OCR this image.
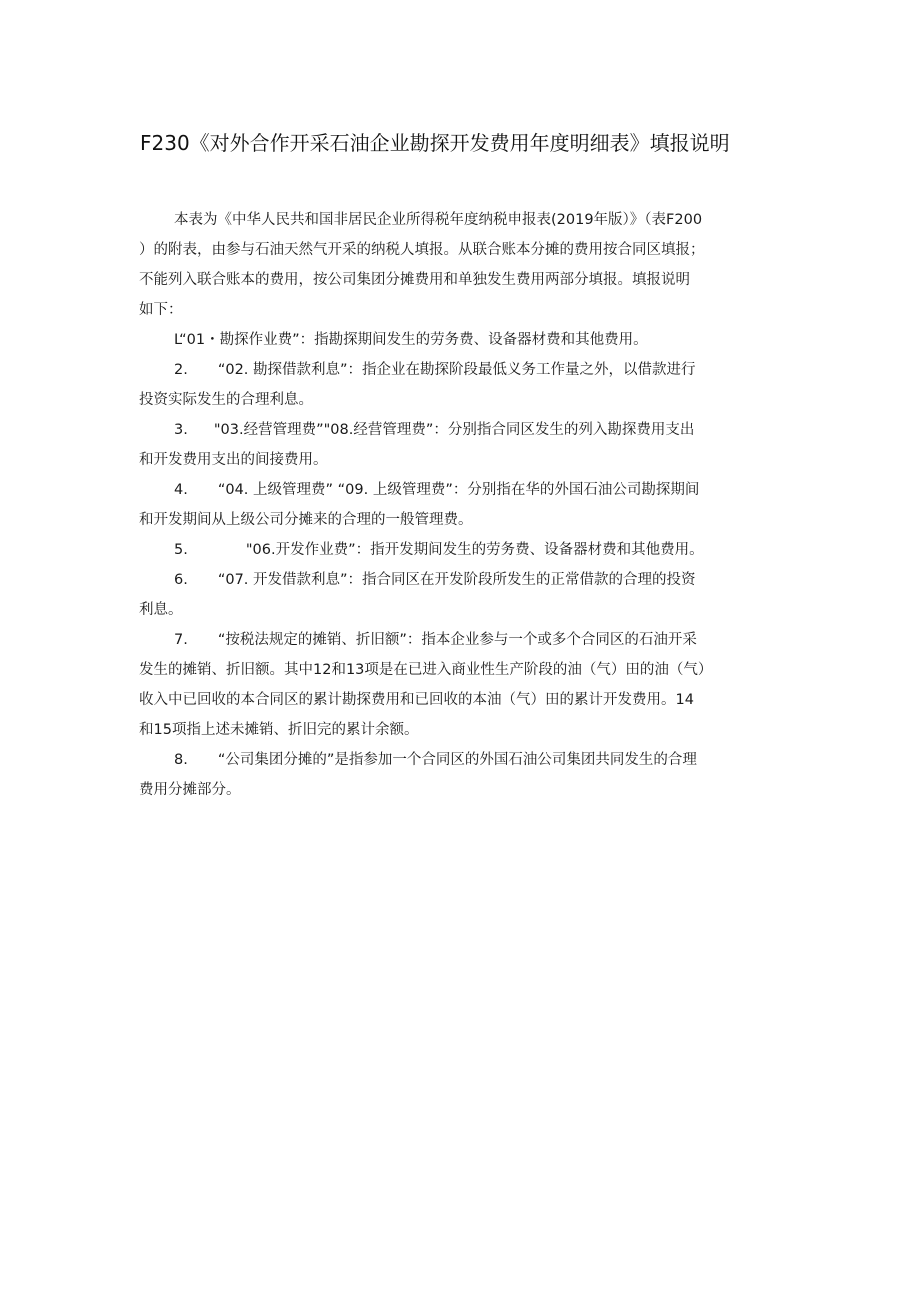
F230《对外合作开采石油企业勘探开发费用年度明细表》填报说明
本表为《中华人民共和国非居民企业所得税年度纳税申报表(2019年版）》（表F200
）的附表，由参与石油天然气开采的纳税人填报。从联合账本分摊的费用按合同区填报；
不能列入联合账本的费用，按公司集团分摊费用和单独发生费用两部分填报。填报说明
如下：
L“01・勘探作业费”：指勘探期间发生的劳务费、设备器材费和其他费用。
2. “02. 勘探借款利息”：指企业在勘探阶段最低义务工作量之外，以借款进行
投资实际发生的合理利息。
3. "03.经营管理费”"08.经营管理费”：分别指合同区发生的列入勘探费用支出
和开发费用支出的间接费用。
4. “04. 上级管理费” “09. 上级管理费”：分别指在华的外国石油公司勘探期间
和开发期间从上级公司分摊来的合理的一般管理费。
5.	"06.开发作业费”：指开发期间发生的劳务费、设备器材费和其他费用。
6. “07. 开发借款利息”：指合同区在开发阶段所发生的正常借款的合理的投资
利息。
7. “按税法规定的摊销、折旧额”：指本企业参与一个或多个合同区的石油开采
发生的摊销、折旧额。其中12和13项是在已进入商业性生产阶段的油（气）田的油（气）
收入中已回收的本合同区的累计勘探费用和已回收的本油（气）田的累计开发费用。14
和15项指上述未摊销、折旧完的累计余额。
8. “公司集团分摊的”是指参加一个合同区的外国石油公司集团共同发生的合理
费用分摊部分。
